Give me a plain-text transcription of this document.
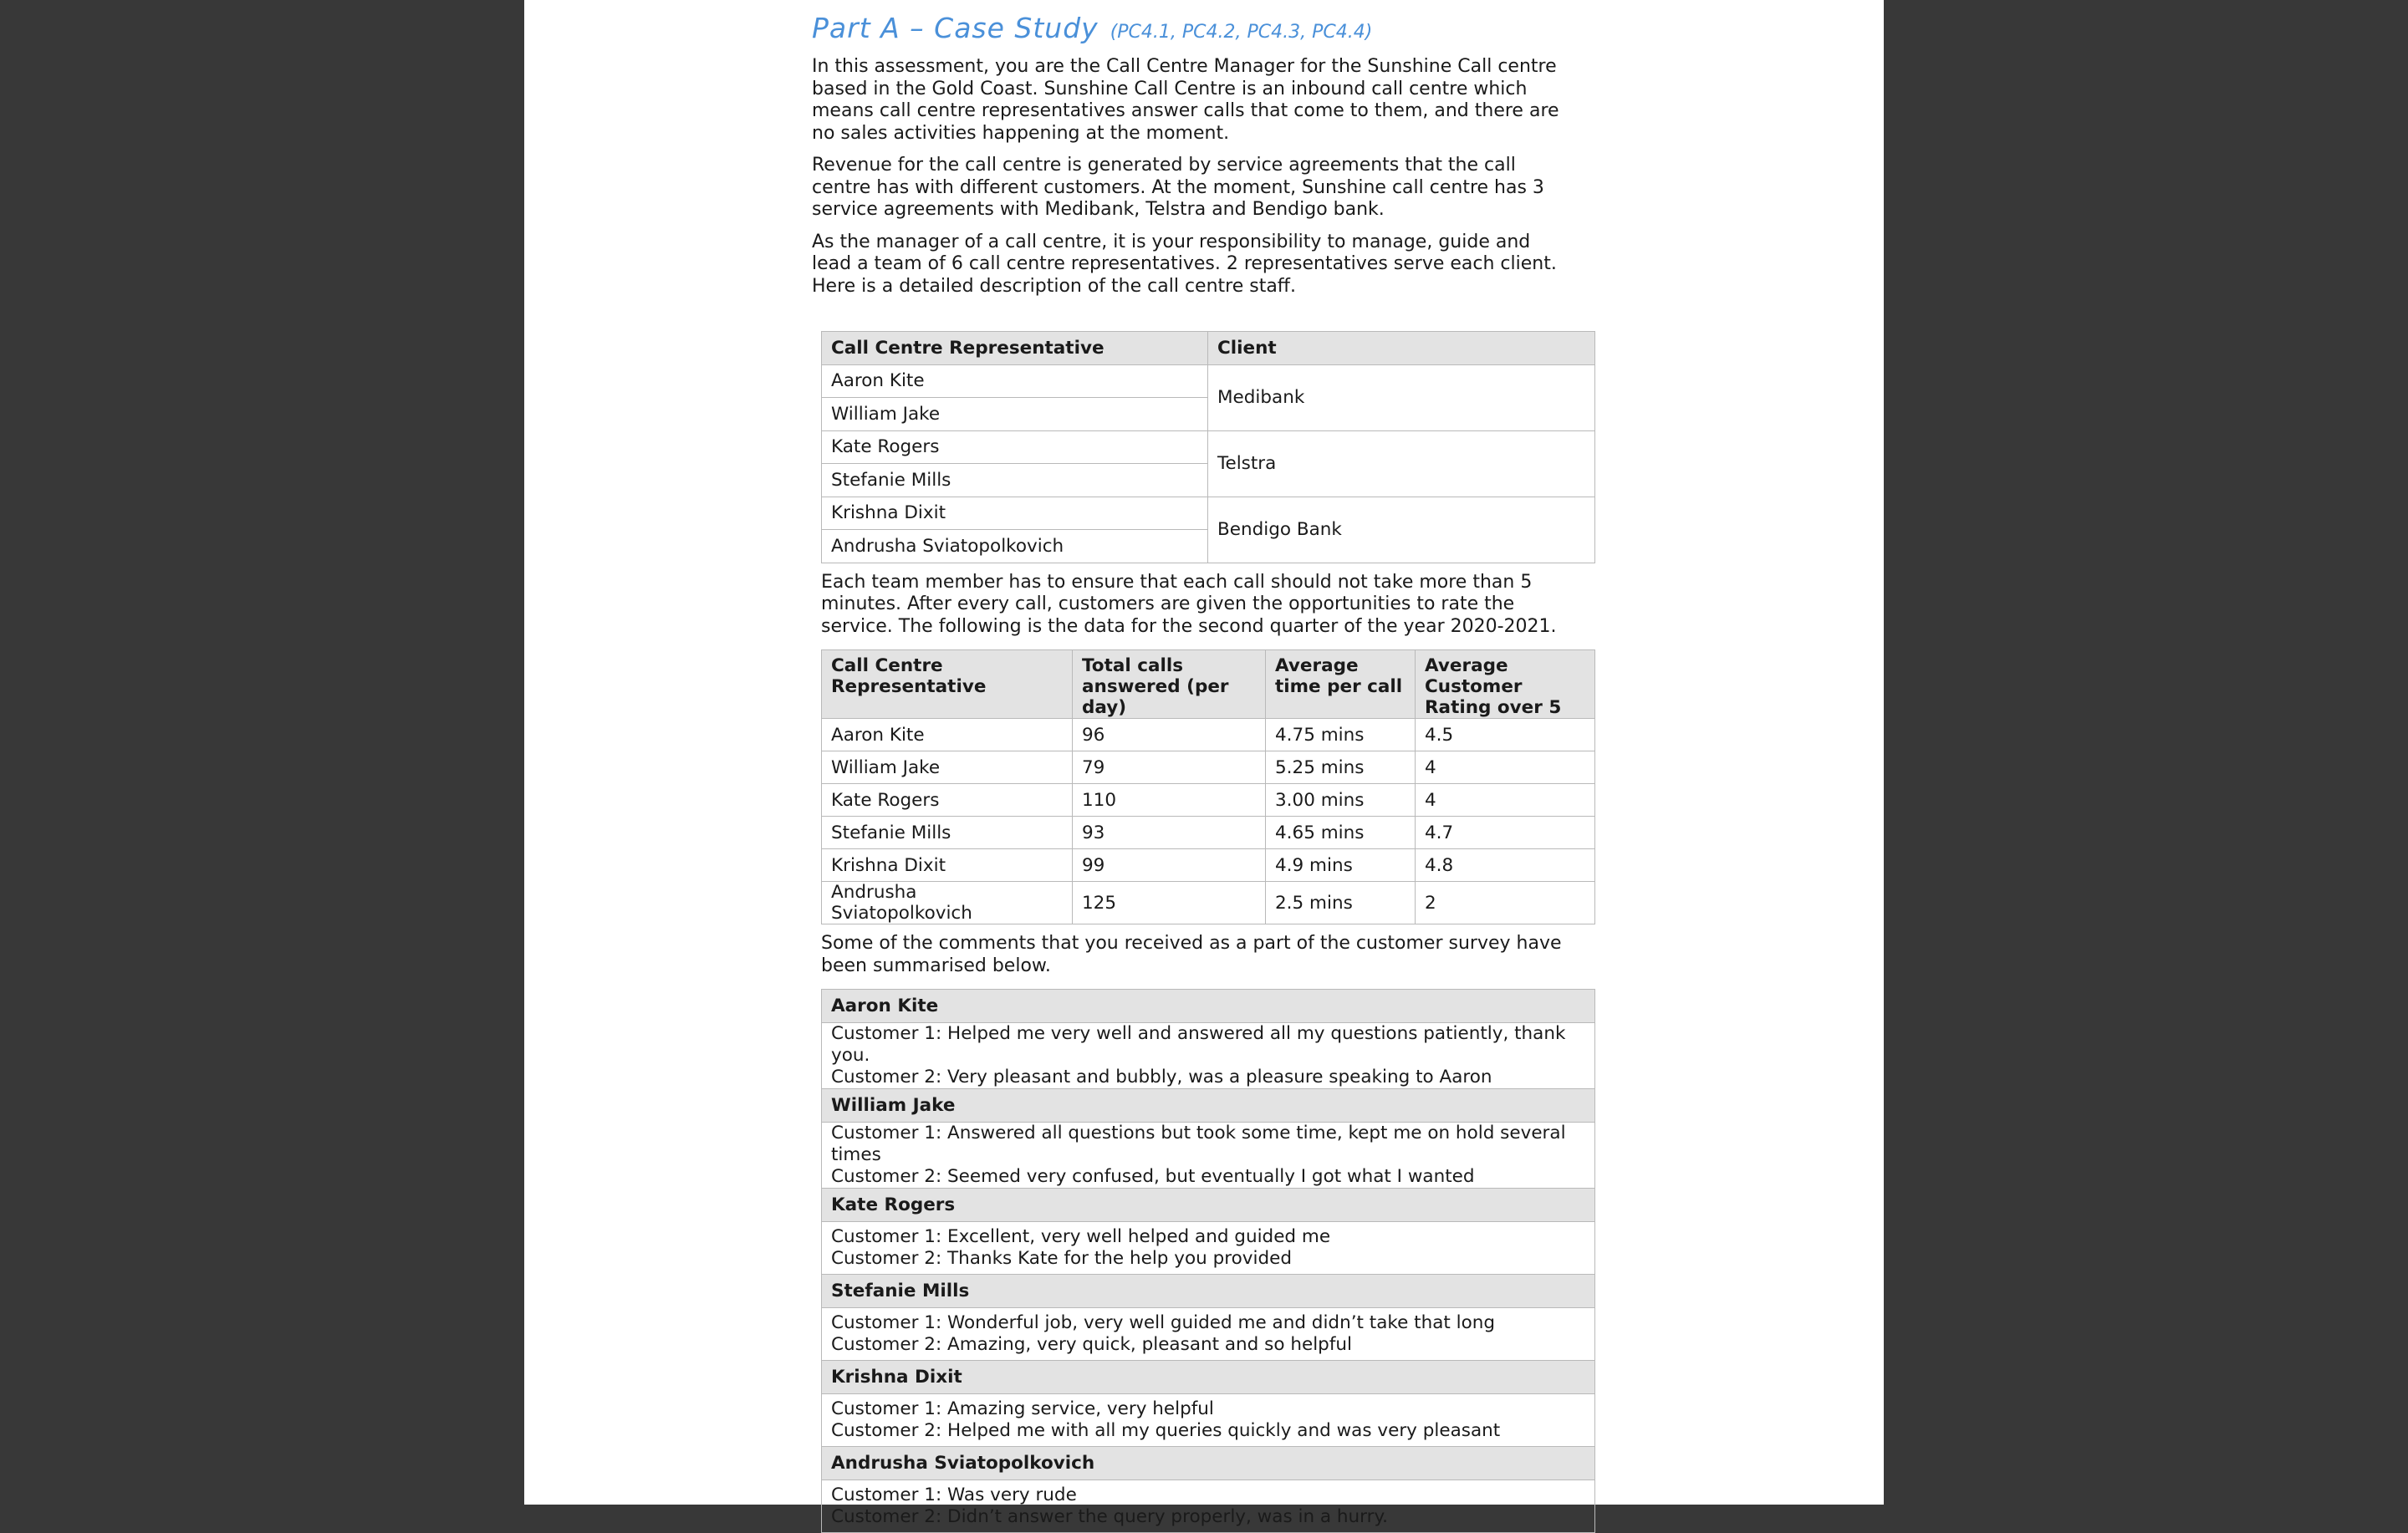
Part A – Case Study (PC4.1, PC4.2, PC4.3, PC4.4)

In this assessment, you are the Call Centre Manager for the Sunshine Call centre based in the Gold Coast. Sunshine Call Centre is an inbound call centre which means call centre representatives answer calls that come to them, and there are no sales activities happening at the moment.

Revenue for the call centre is generated by service agreements that the call centre has with different customers. At the moment, Sunshine call centre has 3 service agreements with Medibank, Telstra and Bendigo bank.

As the manager of a call centre, it is your responsibility to manage, guide and lead a team of 6 call centre representatives. 2 representatives serve each client. Here is a detailed description of the call centre staff.

Call Centre Representative	Client
Aaron Kite	Medibank
William Jake	
Kate Rogers	Telstra
Stefanie Mills	
Krishna Dixit	Bendigo Bank
Andrusha Sviatopolkovich	

Each team member has to ensure that each call should not take more than 5 minutes. After every call, customers are given the opportunities to rate the service. The following is the data for the second quarter of the year 2020-2021.

Call Centre Representative	Total calls answered (per day)	Average time per call	Average Customer Rating over 5
Aaron Kite	96	4.75 mins	4.5
William Jake	79	5.25 mins	4
Kate Rogers	110	3.00 mins	4
Stefanie Mills	93	4.65 mins	4.7
Krishna Dixit	99	4.9 mins	4.8
Andrusha Sviatopolkovich	125	2.5 mins	2

Some of the comments that you received as a part of the customer survey have been summarised below.

Aaron Kite

Customer 1: Helped me very well and answered all my questions patiently, thank you.
Customer 2: Very pleasant and bubbly, was a pleasure speaking to Aaron

William Jake

Customer 1: Answered all questions but took some time, kept me on hold several times
Customer 2: Seemed very confused, but eventually I got what I wanted

Kate Rogers

Customer 1: Excellent, very well helped and guided me
Customer 2: Thanks Kate for the help you provided

Stefanie Mills

Customer 1: Wonderful job, very well guided me and didn’t take that long
Customer 2: Amazing, very quick, pleasant and so helpful

Krishna Dixit

Customer 1: Amazing service, very helpful
Customer 2: Helped me with all my queries quickly and was very pleasant

Andrusha Sviatopolkovich

Customer 1: Was very rude
Customer 2: Didn’t answer the query properly, was in a hurry.
